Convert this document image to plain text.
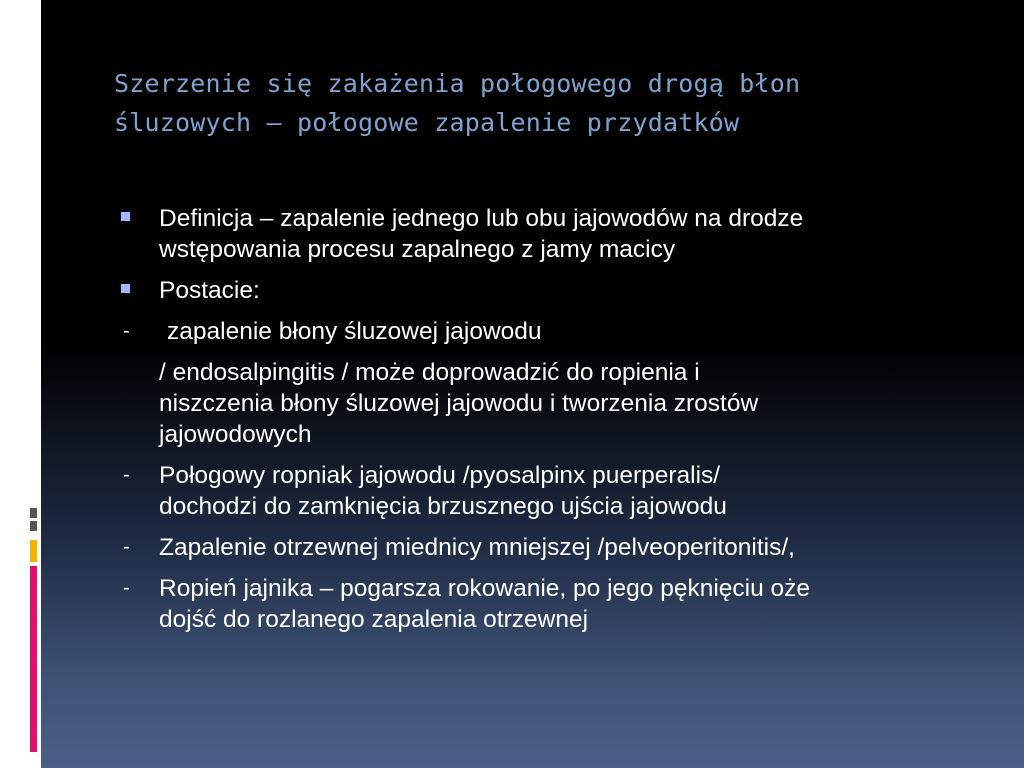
Szerzenie się zakażenia połogowego drogą błon
śluzowych – połogowe zapalenie przydatków
Definicja – zapalenie jednego lub obu jajowodów na drodze
wstępowania procesu zapalnego z jamy macicy
Postacie:
- zapalenie błony śluzowej jajowodu
/ endosalpingitis / może doprowadzić do ropienia i
niszczenia błony śluzowej jajowodu i tworzenia zrostów
jajowodowych
- Połogowy ropniak jajowodu /pyosalpinx puerperalis/
dochodzi do zamknięcia brzusznego ujścia jajowodu
- Zapalenie otrzewnej miednicy mniejszej /pelveoperitonitis/,
- Ropień jajnika – pogarsza rokowanie, po jego pęknięciu oże
dojść do rozlanego zapalenia otrzewnej
